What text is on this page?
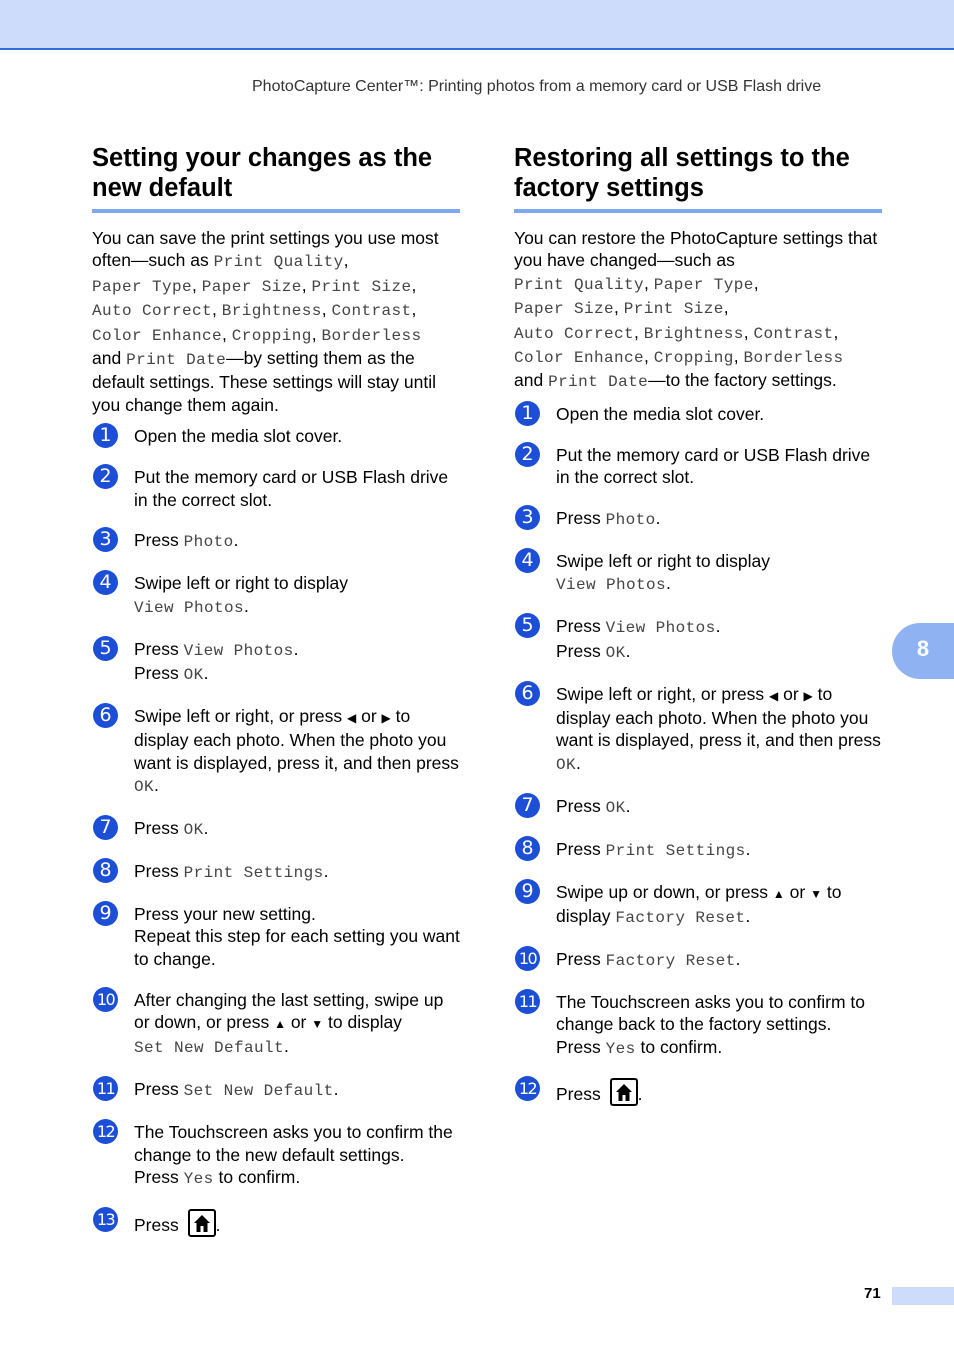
PhotoCapture Center™: Printing photos from a memory card or USB Flash drive
Setting your changes as the new default
You can save the print settings you use most often—such as Print Quality,
Paper Type, Paper Size, Print Size,
Auto Correct, Brightness, Contrast,
Color Enhance, Cropping, Borderless
and Print Date—by setting them as the default settings. These settings will stay until you change them again.
1	Open the media slot cover.
2	Put the memory card or USB Flash drive in the correct slot.
3	Press Photo.
4	Swipe left or right to display
View Photos.
5	Press View Photos.
Press OK.
6	Swipe left or right, or press ◀ or ▶ to display each photo. When the photo you want is displayed, press it, and then press OK.
7	Press OK.
8	Press Print Settings.
9	Press your new setting.
Repeat this step for each setting you want to change.
10 After changing the last setting, swipe up or down, or press ▲ or ▼ to display
Set New Default.
11 Press Set New Default.
12 The Touchscreen asks you to confirm the change to the new default settings.
Press Yes to confirm.
13 Press
.
Restoring all settings to the factory settings
You can restore the PhotoCapture settings that you have changed—such as
Print Quality, Paper Type,
Paper Size, Print Size,
Auto Correct, Brightness, Contrast,
Color Enhance, Cropping, Borderless
and Print Date—to the factory settings.
1	Open the media slot cover.
2	Put the memory card or USB Flash drive in the correct slot.
3	Press Photo.
4	Swipe left or right to display
View Photos.
5	Press View Photos.
Press OK.
6	Swipe left or right, or press ◀ or ▶ to display each photo. When the photo you want is displayed, press it, and then press OK.
7	Press OK.
8	Press Print Settings.
9	Swipe up or down, or press ▲ or ▼ to
display Factory Reset.
10 Press Factory Reset.
11 The Touchscreen asks you to confirm to change back to the factory settings.
Press Yes to confirm.
12 Press
.
8
71
